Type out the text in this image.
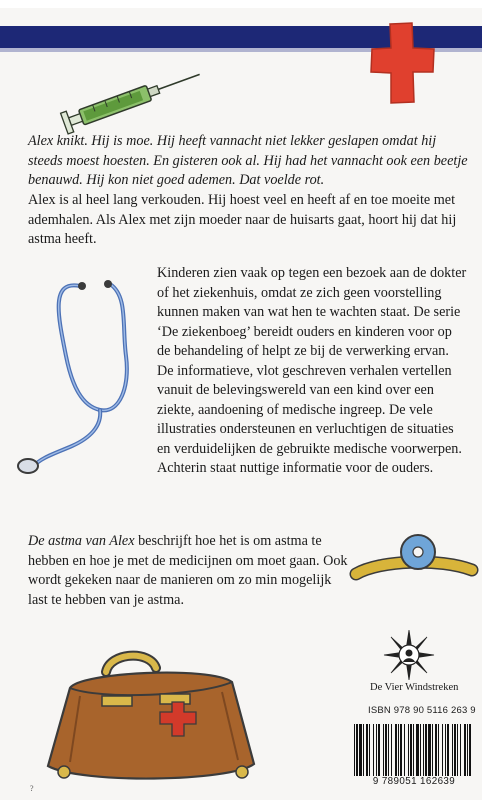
Alex knikt. Hij is moe. Hij heeft vannacht niet lekker geslapen omdat hij steeds moest hoesten. En gisteren ook al. Hij had het vannacht ook een beetje benauwd. Hij kon niet goed ademen. Dat voelde rot.
Alex is al heel lang verkouden. Hij hoest veel en heeft af en toe moeite met ademhalen. Als Alex met zijn moeder naar de huisarts gaat, hoort hij dat hij astma heeft.
Kinderen zien vaak op tegen een bezoek aan de dokter of het ziekenhuis, omdat ze zich geen voorstelling kunnen maken van wat hen te wachten staat. De serie ‘De ziekenboeg’ bereidt ouders en kinderen voor op de behandeling of helpt ze bij de verwerking ervan. De informatieve, vlot geschreven verhalen vertellen vanuit de belevingswereld van een kind over een ziekte, aandoening of medische ingreep. De vele illustraties ondersteunen en verluchtigen de situaties en verduidelijken de gebruikte medische voorwerpen. Achterin staat nuttige informatie voor de ouders.
De astma van Alex beschrijft hoe het is om astma te hebben en hoe je met de medicijnen om moet gaan. Ook wordt gekeken naar de manieren om zo min mogelijk last te hebben van je astma.
De Vier Windstreken
ISBN 978 90 5116 263 9
9 789051 162639
?
